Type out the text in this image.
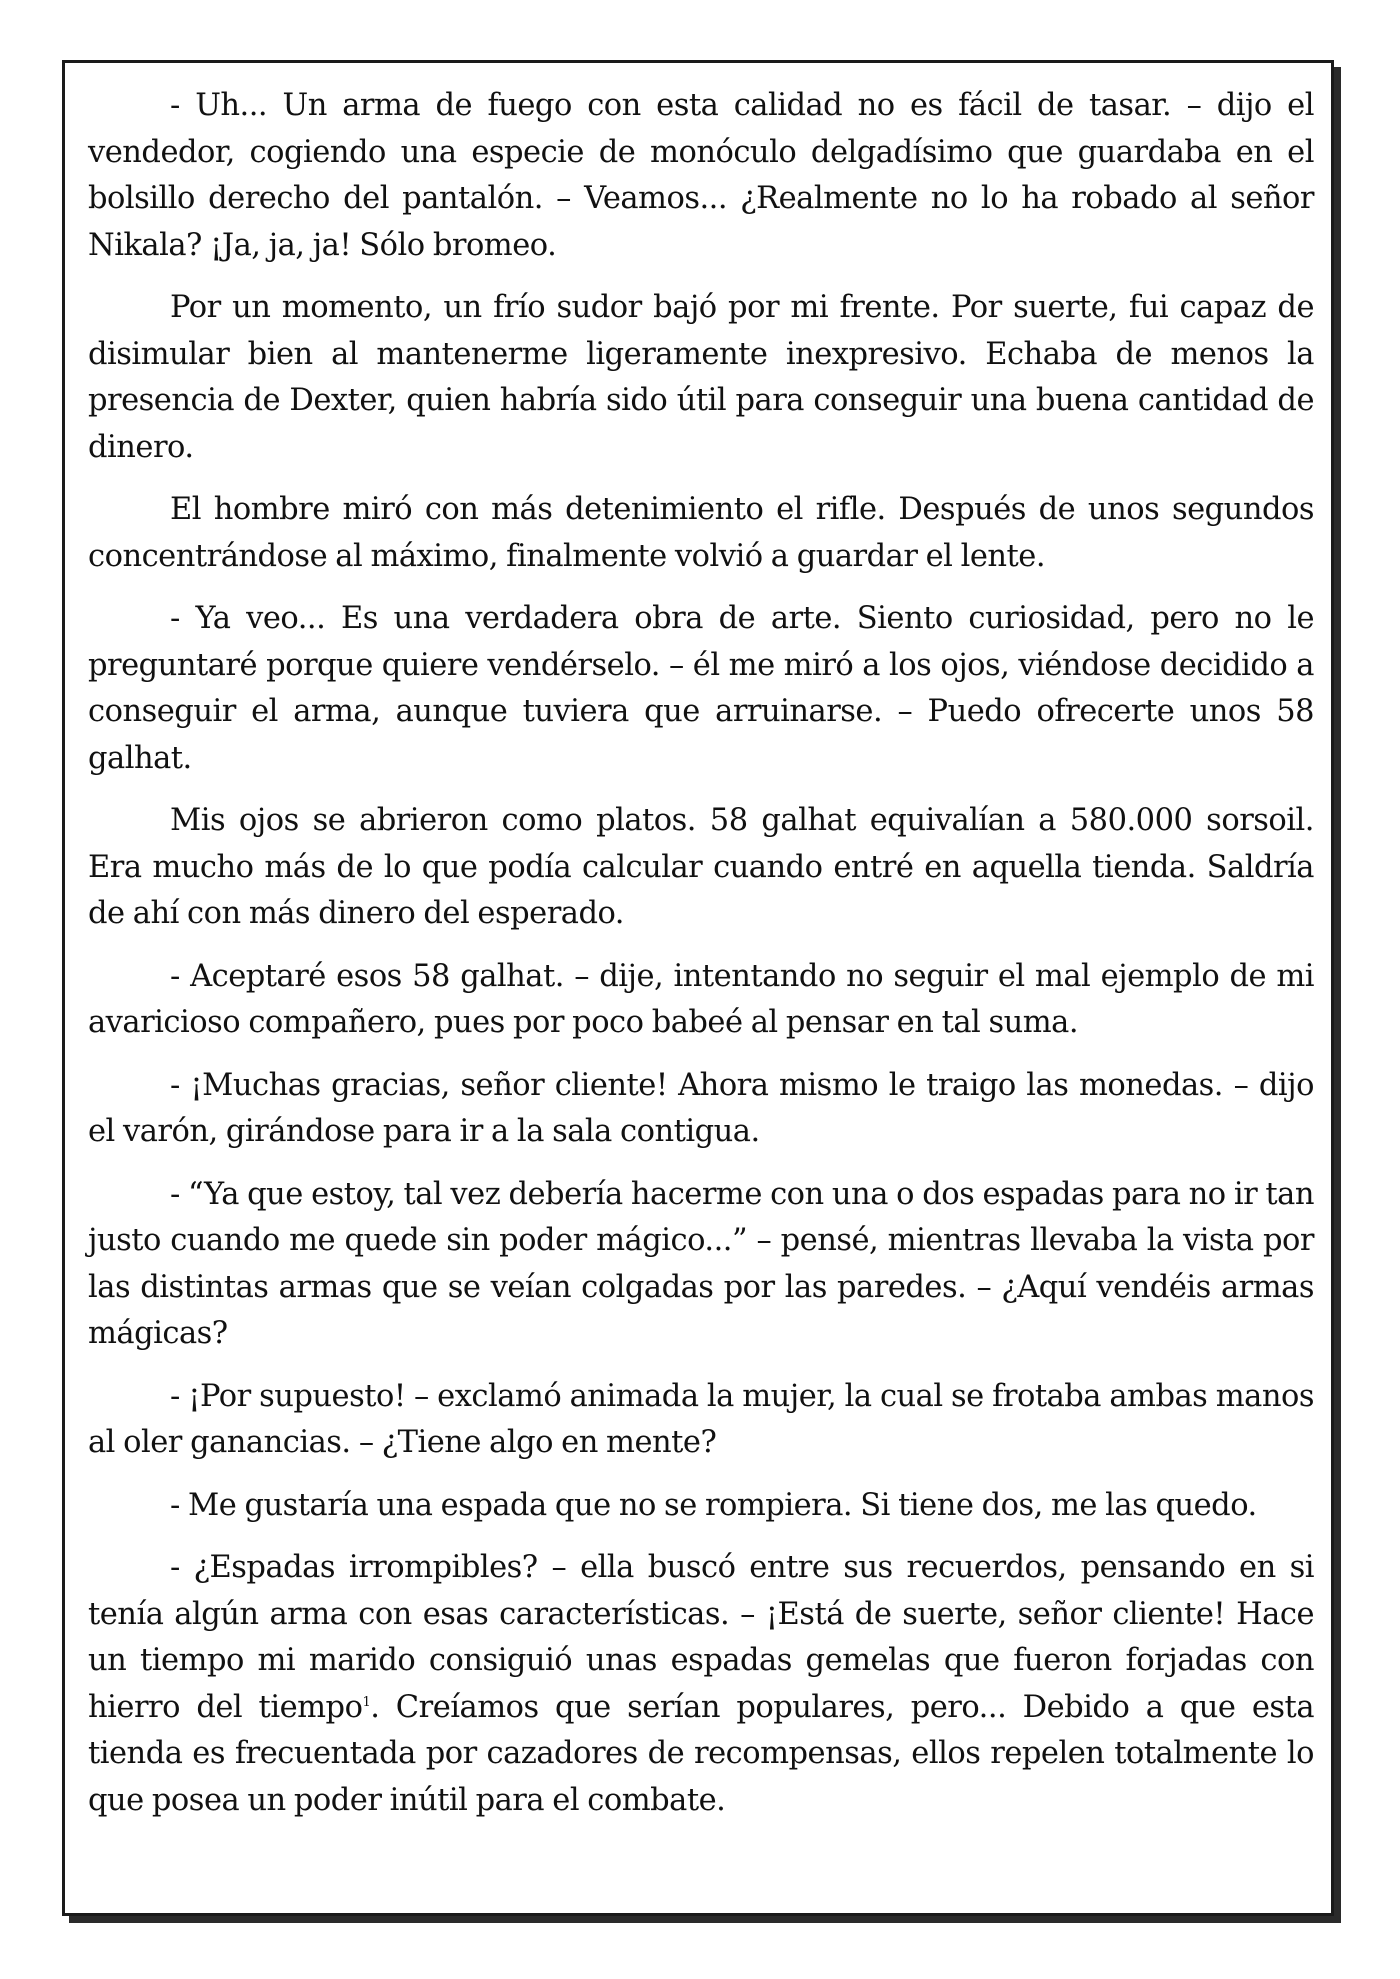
- Uh... Un arma de fuego con esta calidad no es fácil de tasar. – dijo el vendedor, cogiendo una especie de monóculo delgadísimo que guardaba en el bolsillo derecho del pantalón. – Veamos... ¿Realmente no lo ha robado al señor Nikala? ¡Ja, ja, ja! Sólo bromeo.

Por un momento, un frío sudor bajó por mi frente. Por suerte, fui capaz de disimular bien al mantenerme ligeramente inexpresivo. Echaba de menos la presencia de Dexter, quien habría sido útil para conseguir una buena cantidad de dinero.

El hombre miró con más detenimiento el rifle. Después de unos segundos concentrándose al máximo, finalmente volvió a guardar el lente.

- Ya veo... Es una verdadera obra de arte. Siento curiosidad, pero no le preguntaré porque quiere vendérselo. – él me miró a los ojos, viéndose decidido a conseguir el arma, aunque tuviera que arruinarse. – Puedo ofrecerte unos 58 galhat.

Mis ojos se abrieron como platos. 58 galhat equivalían a 580.000 sorsoil. Era mucho más de lo que podía calcular cuando entré en aquella tienda. Saldría de ahí con más dinero del esperado.

- Aceptaré esos 58 galhat. – dije, intentando no seguir el mal ejemplo de mi avaricioso compañero, pues por poco babeé al pensar en tal suma.

- ¡Muchas gracias, señor cliente! Ahora mismo le traigo las monedas. – dijo el varón, girándose para ir a la sala contigua.

- “Ya que estoy, tal vez debería hacerme con una o dos espadas para no ir tan justo cuando me quede sin poder mágico...” – pensé, mientras llevaba la vista por las distintas armas que se veían colgadas por las paredes. – ¿Aquí vendéis armas mágicas?

- ¡Por supuesto! – exclamó animada la mujer, la cual se frotaba ambas manos al oler ganancias. – ¿Tiene algo en mente?

- Me gustaría una espada que no se rompiera. Si tiene dos, me las quedo.

- ¿Espadas irrompibles? – ella buscó entre sus recuerdos, pensando en si tenía algún arma con esas características. – ¡Está de suerte, señor cliente! Hace un tiempo mi marido consiguió unas espadas gemelas que fueron forjadas con hierro del tiempo$^1$. Creíamos que serían populares, pero... Debido a que esta tienda es frecuentada por cazadores de recompensas, ellos repelen totalmente lo que posea un poder inútil para el combate.
